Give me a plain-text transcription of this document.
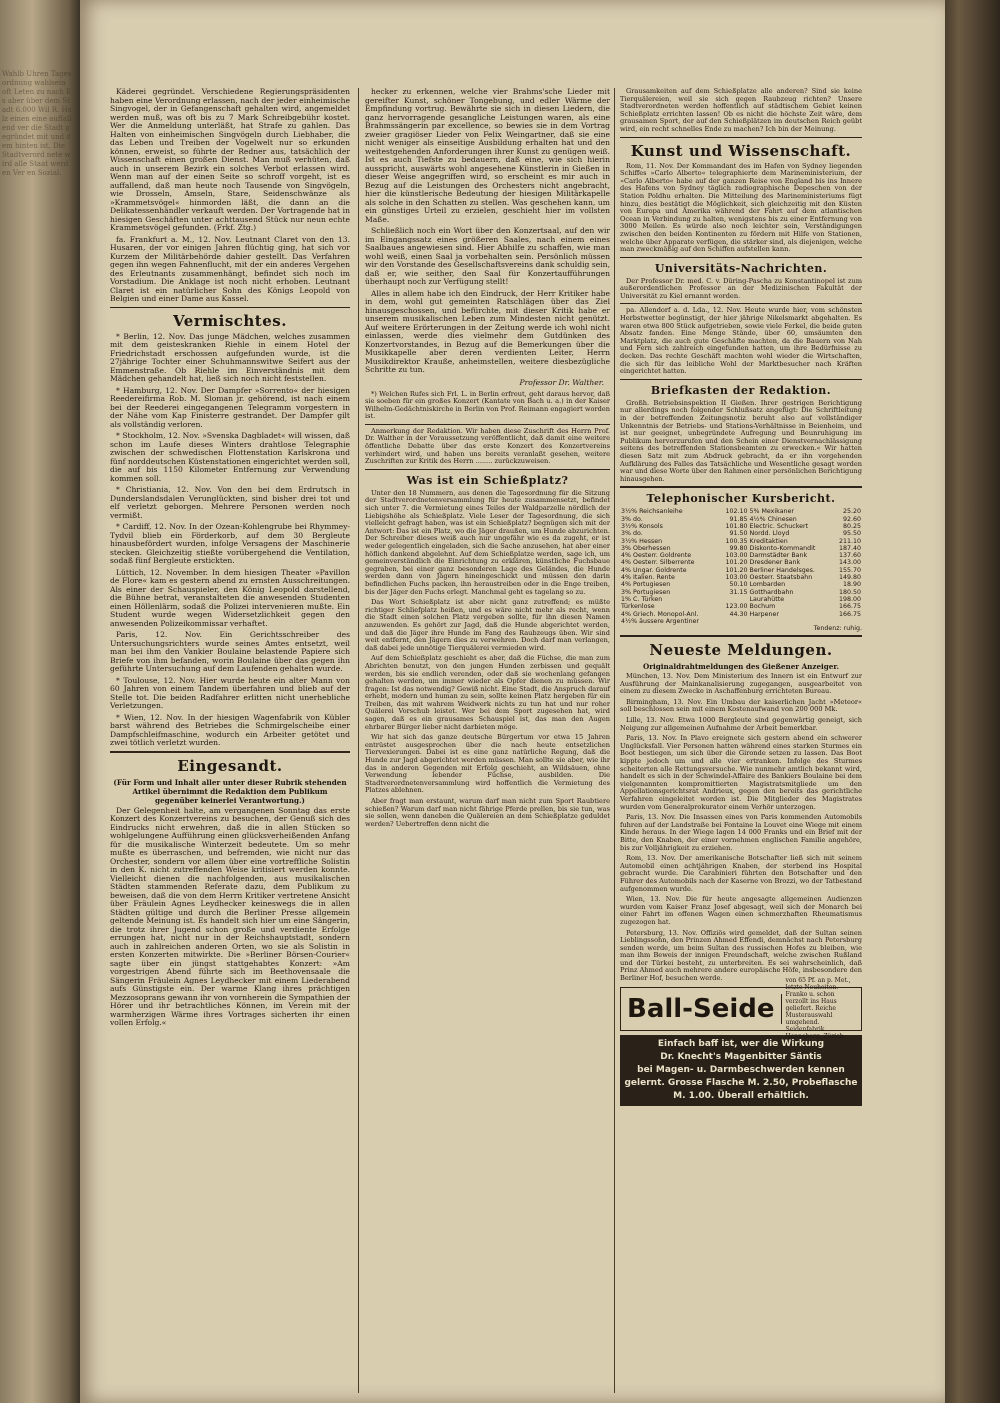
Wahlb Uhren Tages ordnung wahlsein oft Leten zu nach Es aber über dem Stadt 6.000 Wil R. Holz einen eine auffallend ver die Stadt gegründet mit und dem hinten ist. Die Stadtverord nete wird alle Staat werden Ver en Sozial.

Käderei gegründet. Verschiedene Regierungspräsidenten haben eine Verordnung erlassen, nach der jeder einheimische Singvogel, der in Gefangenschaft gehalten wird, angemeldet werden muß, was oft bis zu 7 Mark Schreibgebühr kostet. Wer die Anmeldung unterläßt, hat Strafe zu gahlen. Das Halten von einheimischen Singvögeln durch Liebhaber, die das Leben und Treiben der Vogelwelt nur so erkunden können, erweist, so führte der Redner aus, tatsächlich der Wissenschaft einen großen Dienst. Man muß verhüten, daß auch in unserem Bezirk ein solches Verbot erlassen wird. Wenn man auf der einen Seite so schroff vorgeht, ist es auffallend, daß man heute noch Tausende von Singvögeln, wie Drosseln, Amseln, Stare, Seidenschwänze als »Krammetsvögel« hinmorden läßt, die dann an die Delikatessenhändler verkauft werden. Der Vortragende hat in hiesigen Geschäften unter achttausend Stück nur neun echte Krammetsvögel gefunden. (Frkf. Ztg.)

fa. Frankfurt a. M., 12. Nov. Leutnant Claret von den 13. Husaren, der vor einigen Jahren flüchtig ging, hat sich vor Kurzem der Militärbehörde dahier gestellt. Das Verfahren gegen ihn wegen Fahnenflucht, mit der ein anderes Vergehen des Erleutnants zusammenhängt, befindet sich noch im Vorstadium. Die Anklage ist noch nicht erhoben. Leutnant Claret ist ein natürlicher Sohn des Königs Leopold von Belgien und einer Dame aus Kassel.

Vermischtes.

* Berlin, 12. Nov. Das junge Mädchen, welches zusammen mit dem geisteskranken Riehle in einem Hotel der Friedrichstadt erschossen aufgefunden wurde, ist die 27jährige Tochter einer Schuhmannswitwe Seifert aus der Emmenstraße. Ob Riehle im Einverständnis mit dem Mädchen gehandelt hat, ließ sich noch nicht feststellen.

* Hamburg, 12. Nov. Der Dampfer »Sorrento« der hiesigen Reedereifirma Rob. M. Sloman jr. gehörend, ist nach einem bei der Reederei eingegangenen Telegramm vorgestern in der Nähe vom Kap Finisterre gestrandet. Der Dampfer gilt als vollständig verloren.

* Stockholm, 12. Nov. »Svenska Dagbladet« will wissen, daß schon im Laufe dieses Winters drahtlose Telegraphie zwischen der schwedischen Flottenstation Karlskrona und fünf norddeutschen Küstenstationen eingerichtet werden soll, die auf bis 1150 Kilometer Entfernung zur Verwendung kommen soll.

* Christiania, 12. Nov. Von den bei dem Erdrutsch in Dunderslandsdalen Verunglückten, sind bisher drei tot und elf verletzt geborgen. Mehrere Personen werden noch vermißt.

* Cardiff, 12. Nov. In der Ozean-Kohlengrube bei Rhymmey-Tydvil blieb ein Förderkorb, auf dem 30 Bergleute hinausbefördert wurden, infolge Versagens der Maschinerie stecken. Gleichzeitig stießte vorübergehend die Ventilation, sodaß fünf Bergleute erstickten.

Lüttich, 12. November. In dem hiesigen Theater »Pavillon de Flore« kam es gestern abend zu ernsten Ausschreitungen. Als einer der Schauspieler, den König Leopold darstellend, die Bühne betrat, veranstalteten die anwesenden Studenten einen Höllenlärm, sodaß die Polizei intervenieren mußte. Ein Student wurde wegen Widersetzlichkeit gegen den anwesenden Polizeikommissar verhaftet.

Paris, 12. Nov. Ein Gerichtsschreiber des Untersuchungsrichters wurde seines Amtes entsetzt, weil man bei ihm den Vankier Boulaine belastende Papiere sich Briefe von ihm befanden, worin Boulaine über das gegen ihn geführte Untersuchung auf dem Laufenden gehalten wurde.

* Toulouse, 12. Nov. Hier wurde heute ein alter Mann von 60 Jahren von einem Tandem überfahren und blieb auf der Stelle tot. Die beiden Radfahrer erlitten nicht unerhebliche Verletzungen.

* Wien, 12. Nov. In der hiesigen Wagenfabrik von Kübler barst während des Betriebes die Schmirgelscheibe einer Dampfschleifmaschine, wodurch ein Arbeiter getötet und zwei tötlich verletzt wurden.

Eingesandt.
(Für Form und Inhalt aller unter dieser Rubrik stehenden Artikel übernimmt die Redaktion dem Publikum gegenüber keinerlei Verantwortung.)

Der Gelegenheit halte, am vergangenen Sonntag das erste Konzert des Konzertvereins zu besuchen, der Genuß sich des Eindrucks nicht erwehren, daß die in allen Stücken so wohlgelungene Aufführung einen glücksverheißenden Anfang für die musikalische Winterzeit bedeutete. Um so mehr mußte es überraschen, und befremden, wie nicht nur das Orchester, sondern vor allem über eine vortreffliche Solistin in den K. nicht zutreffenden Weise kritisiert werden konnte. Vielleicht dienen die nachfolgenden, aus musikalischen Städten stammenden Referate dazu, dem Publikum zu beweisen, daß die von dem Herrn Kritiker vertretene Ansicht über Fräulein Agnes Leydhecker keineswegs die in allen Städten gültige und durch die Berliner Presse allgemein geltende Meinung ist. Es handelt sich hier um eine Sängerin, die trotz ihrer Jugend schon große und verdiente Erfolge errungen hat, nicht nur in der Reichshauptstadt, sondern auch in zahlreichen anderen Orten, wo sie als Solistin in ersten Konzerten mitwirkte. Die »Berliner Börsen-Courier« sagte über ein jüngst stattgehabtes Konzert: »Am vorgestrigen Abend führte sich im Beethovensaale die Sängerin Fräulein Agnes Leydhecker mit einem Liederabend aufs Günstigste ein. Der warme Klang ihres prächtigen Mezzosoprans gewann ihr von vornherein die Sympathien der Hörer und ihr betrachtliches Können, im Verein mit der warmherzigen Wärme ihres Vortrages sicherten ihr einen vollen Erfolg.«

hecker zu erkennen, welche vier Brahms'sche Lieder mit gereifter Kunst, schöner Tongebung, und edler Wärme der Empfindung vortrug. Bewährte sie sich in diesen Liedern, die ganz hervorragende gesangliche Leistungen waren, als eine Brahmssängerin par excellence, so bewies sie in dem Vortrag zweier gragiöser Lieder von Felix Weingartner, daß sie eine nicht weniger als einseitige Ausbildung erhalten hat und den weitestgehenden Anforderungen ihrer Kunst zu genügen weiß. Ist es auch Tiefste zu bedauern, daß eine, wie sich hierin ausspricht, auswärts wohl angesehene Künstlerin in Gießen in dieser Weise angegriffen wird, so erscheint es mir auch in Bezug auf die Leistungen des Orchesters nicht angebracht, hier die künstlerische Bedeutung der hiesigen Militärkapelle als solche in den Schatten zu stellen. Was geschehen kann, um ein günstiges Urteil zu erzielen, geschieht hier im vollsten Maße.

Schließlich noch ein Wort über den Konzertsaal, auf den wir im Eingangssatz eines größeren Saales, nach einem eines Saalbaues angewiesen sind. Hier Abhilfe zu schaffen, wie man wohl weiß, einen Saal ja vorbehalten sein. Persönlich müssen wir den Vorstande des Gesellschaftsvereins dank schuldig sein, daß er, wie seither, den Saal für Konzertaufführungen überhaupt noch zur Verfügung stellt!

Alles in allem habe ich den Eindruck, der Herr Kritiker habe in dem, wohl gut gemeinten Ratschlägen über das Ziel hinausgeschossen, und befürchte, mit dieser Kritik habe er unserem musikalischen Leben zum Mindesten nicht genützt. Auf weitere Erörterungen in der Zeitung werde ich wohl nicht einlassen, werde dies vielmehr dem Gutdünken des Konzertvorstandes, in Bezug auf die Bemerkungen über die Musikkapelle aber deren verdienten Leiter, Herrn Musikdirektor Krauße, anheimstellen, weitere diesbezügliche Schritte zu tun.

Professor Dr. Walther.

*) Welchen Rufes sich Frl. L. in Berlin erfreut, geht daraus hervor, daß sie soeben für ein großes Konzert (Kantate von Bach u. a.) in der Kaiser Wilhelm-Gedächtniskirche in Berlin von Prof. Reimann engagiert worden ist.

Anmerkung der Redaktion. Wir haben diese Zuschrift des Herrn Prof. Dr. Walther in der Voraussetzung veröffentlicht, daß damit eine weitere öffentliche Debatte über das erste Konzert des Konzertvereins verhindert wird, und haben uns bereits veranlaßt gesehen, weitere Zuschriften zur Kritik des Herrn ........ zurückzuweisen.

Was ist ein Schießplatz?

Unter den 18 Nummern, aus denen die Tagesordnung für die Sitzung der Stadtverordnetenversammlung für heute zusammensetzt, befindet sich unter 7. die Vermietung eines Teiles der Waldparzelle nördlich der Liebigshöhe als Schießplatz. Viele Leser der Tagesordnung, die sich vielleicht gefragt haben, was ist ein Schießplatz? begnügen sich mit der Antwort: Das ist ein Platz, wo die Jäger draußen, um Hunde abzurichten. Der Schreiber dieses weiß auch nur ungefähr wie es da zugeht, er ist weder gelegentlich eingeladen, sich die Sache anzusehen, hat aber einer höflich dankend abgelehnt. Auf dem Schießplatze werden, sage ich, um gemeinverständlich die Einrichtung zu erklären, künstliche Fuchsbaue gegraben, bei einer ganz besonderen Lage des Geländes, die Hunde werden dann von Jägern hineingeschickt und müssen den darin befindlichen Fuchs packen, ihn heraustreiben oder in die Enge treiben, bis der Jäger den Fuchs erlegt. Manchmal geht es tagelang so zu.

Das Wort Schießplatz ist aber nicht ganz zutreffend; es müßte richtiger Schliefplatz heißen, und es wäre nicht mehr als recht, wenn die Stadt einen solchen Platz vergeben sollte, für ihn diesen Namen anzuwenden. Es gehört zur Jagd, daß die Hunde abgerichtet werden, und daß die Jäger ihre Hunde im Fang des Raubzeugs üben. Wir sind weit entfernt, den Jägern dies zu verwehren. Doch darf man verlangen, daß dabei jede unnötige Tierquälerei vermieden wird.

Auf dem Schießplatz geschieht es aber, daß die Füchse, die man zum Abrichten benutzt, von den jungen Hunden zerbissen und gequält werden, bis sie endlich verenden, oder daß sie wochenlang gefangen gehalten werden, um immer wieder als Opfer dienen zu müssen. Wir fragen: Ist das notwendig? Gewiß nicht. Eine Stadt, die Anspruch darauf erhebt, modern und human zu sein, sollte keinen Platz hergeben für ein Treiben, das mit wahrem Weidwerk nichts zu tun hat und nur roher Quälerei Vorschub leistet. Wer bei dem Sport zugesehen hat, wird sagen, daß es ein grausames Schauspiel ist, das man den Augen ehrbarer Bürger lieber nicht darbieten möge.

Wir hat sich das ganze deutsche Bürgertum vor etwa 15 Jahren entrüstet ausgesprochen über die nach heute entsetzlichen Tiervexierungen. Dabei ist es eine ganz natürliche Regung, daß die Hunde zur Jagd abgerichtet werden müssen. Man sollte sie aber, wie ihr das in anderen Gegenden mit Erfolg geschieht, an Wildsäuen, ohne Verwendung lebender Füchse, ausbilden. Die Stadtverordnetenversammlung wird hoffentlich die Vermietung des Platzes ablehnen.

Aber fragt man erstaunt, warum darf man nicht zum Sport Raubtiere schießen? Warum darf man nicht fährige Pferde prellen, bis sie tun, was sie sollen, wenn daneben die Quälereien an dem Schießplatze geduldet werden? Uebertreffen denn nicht die

Grausamkeiten auf dem Schießplatze alle anderen? Sind sie keine Tierquälereien, weil sie sich gegen Raubzeug richten? Unsere Stadtverordneten werden hoffentlich auf städtischem Gebiet keinen Schießplatz errichten lassen! Ob es nicht die höchste Zeit wäre, dem grausamen Sport, der auf den Schießplätzen im deutschen Reich geübt wird, ein recht schnelles Ende zu machen? Ich bin der Meinung.

Kunst und Wissenschaft.

Rom, 11. Nov. Der Kommandant des im Hafen von Sydney liegenden Schiffes »Carlo Alberto« telegraphierte dem Marineministerium, der »Carlo Alberto« habe auf der ganzen Reise von England bis ins Innere des Hafens von Sydney täglich radiographische Depeschen von der Station Poldhu erhalten. Die Mitteilung des Marineministeriums fügt hinzu, dies bestätigt die Möglichkeit, sich gleichzeitig mit den Küsten von Europa und Amerika während der Fahrt auf dem atlantischen Ocean in Verbindung zu halten, wenigstens bis zu einer Entfernung von 3000 Meilen. Es würde also noch leichter sein, Verständigungen zwischen den beiden Kontinenten zu fördern mit Hilfe von Stationen, welche über Apparate verfügen, die stärker sind, als diejenigen, welche man zweckmäßig auf den Schiffen aufstellen kann.

Universitäts-Nachrichten.

Der Professor Dr. med. C. v. Düring-Pascha zu Konstantinopel ist zum außerordentlichen Professor an der Medizinischen Fakultät der Universität zu Kiel ernannt worden.

pa. Allendorf a. d. Lda., 12. Nov. Heute wurde hier, vom schönsten Herbstwetter begünstigt, der hier jährige Nikelsmarkt abgehalten. Es waren etwa 800 Stück aufgetrieben, sowie viele Ferkel, die beide guten Absatz fanden. Eine Menge Stände, über 60, umsäumten den Marktplatz, die auch gute Geschäfte machten, da die Bauern von Nah und Fern sich zahlreich eingefunden hatten, um ihre Bedürfnisse zu decken. Das rechte Geschäft machten wohl wieder die Wirtschaften, die sich für das leibliche Wohl der Marktbesucher nach Kräften eingerichtet hatten.

Briefkasten der Redaktion.

Großh. Betriebsinspektion II Gießen. Ihrer gestrigen Berichtigung nur allerdings noch folgender Schlußsatz angefügt: Die Schriftleitung in der betreffenden Zeitungsnotiz beruht also auf vollständiger Unkenntnis der Betriebs- und Stations-Verhältnisse in Beienheim, und ist nur geeignet, unbegründete Aufregung und Beunruhigung im Publikum hervorzurufen und den Schein einer Dienstvernachlässigung seitens des betreffenden Stationsbeamten zu erwecken.« Wir hatten diesen Satz mit zum Abdruck gebracht, da er ihn vorgehenden Aufklärung des Falles das Tatsächliche und Wesentliche gesagt worden war und diese Worte über den Rahmen einer persönlichen Berichtigung hinausgehen.

Telephonischer Kursbericht.
3½% Reichsanleihe	102.10	5% Mexikaner	25.20
3% do.	91.85	4½% Chinesen	92.60
3½% Konsols	101.80	Electric. Schuckert	80.25
3% do.	91.50	Nordd. Lloyd	95.50
3½% Hessen	100.35	Kreditaktien	211.10
3% Oberhessen	99.80	Diskonto-Kommandit	187.40
4% Oesterr. Goldrente	103.00	Darmstädter Bank	137.60
4% Oesterr. Silberrente	101.20	Dresdener Bank	143.00
4% Ungar. Goldrente	101.20	Berliner Handelsges.	155.70
4% Italien. Rente	103.00	Oesterr. Staatsbahn	149.80
4% Portugiesen	50.10	Lombarden	18.90
3% Portugiesen	31.15	Gotthardbahn	180.50
1% C. Türken		Laurahütte	198.00
Türkenlose	123.00	Bochum	166.75
4% Griech. Monopol-Anl.	44.30	Harpener	166.75
4½% äussere Argentiner			
Tendenz: ruhig.
Neueste Meldungen.
Originaldrahtmeldungen des Gießener Anzeiger.

München, 13. Nov. Dem Ministerium des Innern ist ein Entwurf zur Ausführung der Mainkanalisierung zugegangen, ausgearbeitet von einem zu diesem Zwecke in Aschaffenburg errichteten Bureau.

Birmingham, 13. Nov. Ein Umbau der kaiserlichen Jacht »Meteor« soll beschlossen sein mit einem Kostenaufwand von 200 000 Mk.

Lille, 13. Nov. Etwa 1000 Bergleute sind gegenwärtig geneigt, sich Neigung zur allgemeinen Aufnahme der Arbeit bemerkbar.

Paris, 13. Nov. In Plavo ereignete sich gestern abend ein schwerer Unglücksfall. Vier Personen hatten während eines starken Sturmes ein Boot bestiegen, um sich über die Gironde setzen zu lassen. Das Boot kippte jedoch um und alle vier ertranken. Infolge des Sturmes scheiterten alle Rettungsversuche. Wie nunmehr amtlich bekannt wird, handelt es sich in der Schwindel-Affaire des Bankiers Boulaine bei dem vielgenannten kompromittierten Magistratsmitgliede um den Appellationsgerichtsrat Andrieux, gegen den bereits das gerichtliche Verfahren eingeleitet worden ist. Die Mitglieder des Magistrates wurden vom Generalprokurator einem Verhör unterzogen.

Paris, 13. Nov. Die Insassen eines von Paris kommenden Automobils fuhren auf der Landstraße bei Fontaine la Louvet eine Wiege mit einem Kinde heraus. In der Wiege lagen 14 000 Franks und ein Brief mit der Bitte, den Knaben, der einer vornehmen englischen Familie angehöre, bis zur Volljährigkeit zu erziehen.

Rom, 13. Nov. Der amerikanische Botschafter ließ sich mit seinem Automobil einen achtjährigen Knaben, der sterbend ins Hospital gebracht wurde. Die Carabinieri führten den Botschafter und den Führer des Automobils nach der Kaserne von Brozzi, wo der Tatbestand aufgenommen wurde.

Wien, 13. Nov. Die für heute angesagte allgemeinen Audienzen wurden vom Kaiser Franz Josef abgesagt, weil sich der Monarch bei einer Fahrt im offenen Wagen einen schmerzhaften Rheumatismus zugezogen hat.

Petersburg, 13. Nov. Offiziös wird gemeldet, daß der Sultan seinen Lieblingssohn, den Prinzen Ahmed Effendi, demnächst nach Petersburg senden werde, um beim Sultan des russischen Hofes zu bleiben, wie man ihm Beweis der innigen Freundschaft, welche zwischen Rußland und der Türkei besteht, zu unterbreiten. Es sei wahrscheinlich, daß Prinz Ahmed auch mehrere andere europäische Höfe, insbesondere den Berliner Hof, besuchen werde.

Ball-Seide
von 65 Pf. an p. Met., letzte Neuheiten. Franko u. schon verzollt ins Haus geliefert. Reiche Musterauswahl umgehend. Seidenfabrik Henneberg, Zürich.
Einfach baff ist, wer die Wirkung
Dr. Knecht's Magenbitter Säntis
bei Magen- u. Darmbeschwerden kennen
gelernt. Grosse Flasche M. 2.50, Probeflasche M. 1.00. Überall erhältlich.
